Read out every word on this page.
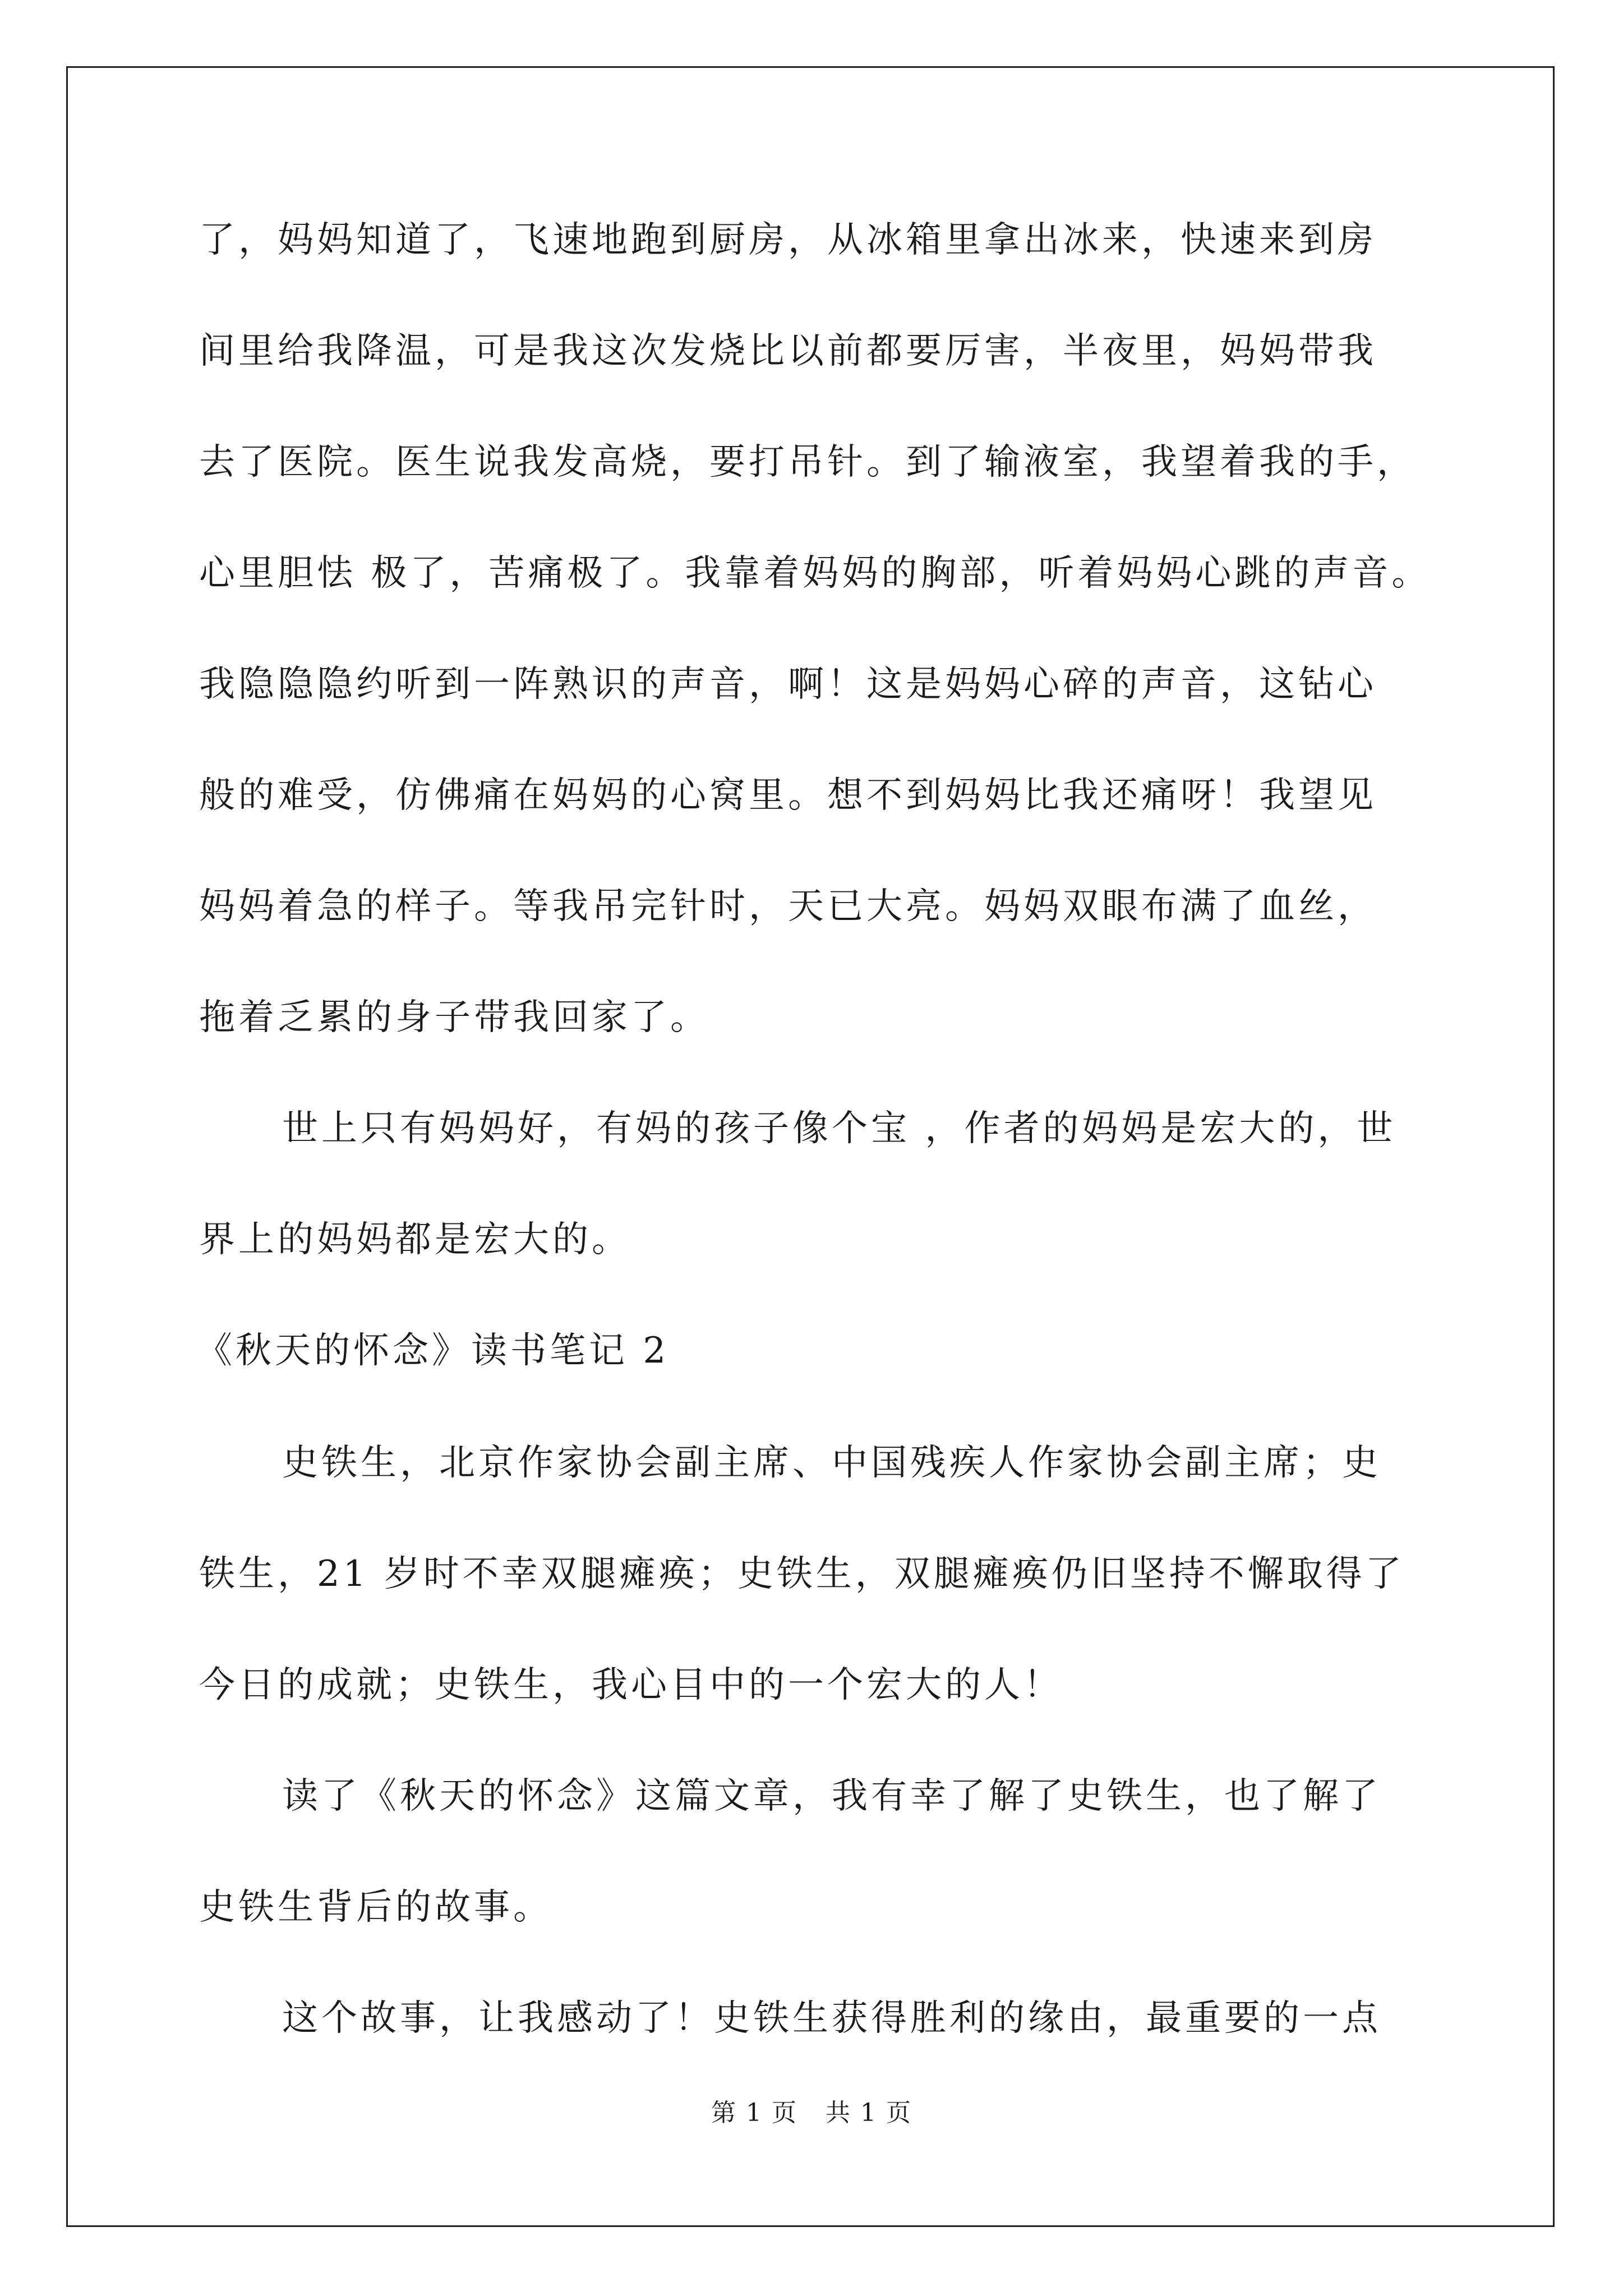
了，妈妈知道了，飞速地跑到厨房，从冰箱里拿出冰来，快速来到房

间里给我降温，可是我这次发烧比以前都要厉害，半夜里，妈妈带我

去了医院。医生说我发高烧，要打吊针。到了输液室，我望着我的手，

心里胆怯 极了，苦痛极了。我靠着妈妈的胸部，听着妈妈心跳的声音。

我隐隐隐约听到一阵熟识的声音，啊！这是妈妈心碎的声音，这钻心

般的难受，仿佛痛在妈妈的心窝里。想不到妈妈比我还痛呀！我望见

妈妈着急的样子。等我吊完针时，天已大亮。妈妈双眼布满了血丝，

拖着乏累的身子带我回家了。

世上只有妈妈好，有妈的孩子像个宝 ，作者的妈妈是宏大的，世

界上的妈妈都是宏大的。

《秋天的怀念》读书笔记 2

史铁生，北京作家协会副主席、中国残疾人作家协会副主席；史

铁生，21 岁时不幸双腿瘫痪；史铁生，双腿瘫痪仍旧坚持不懈取得了

今日的成就；史铁生，我心目中的一个宏大的人！

读了《秋天的怀念》这篇文章，我有幸了解了史铁生，也了解了

史铁生背后的故事。

这个故事，让我感动了！史铁生获得胜利的缘由，最重要的一点

第 1 页 共 1 页
